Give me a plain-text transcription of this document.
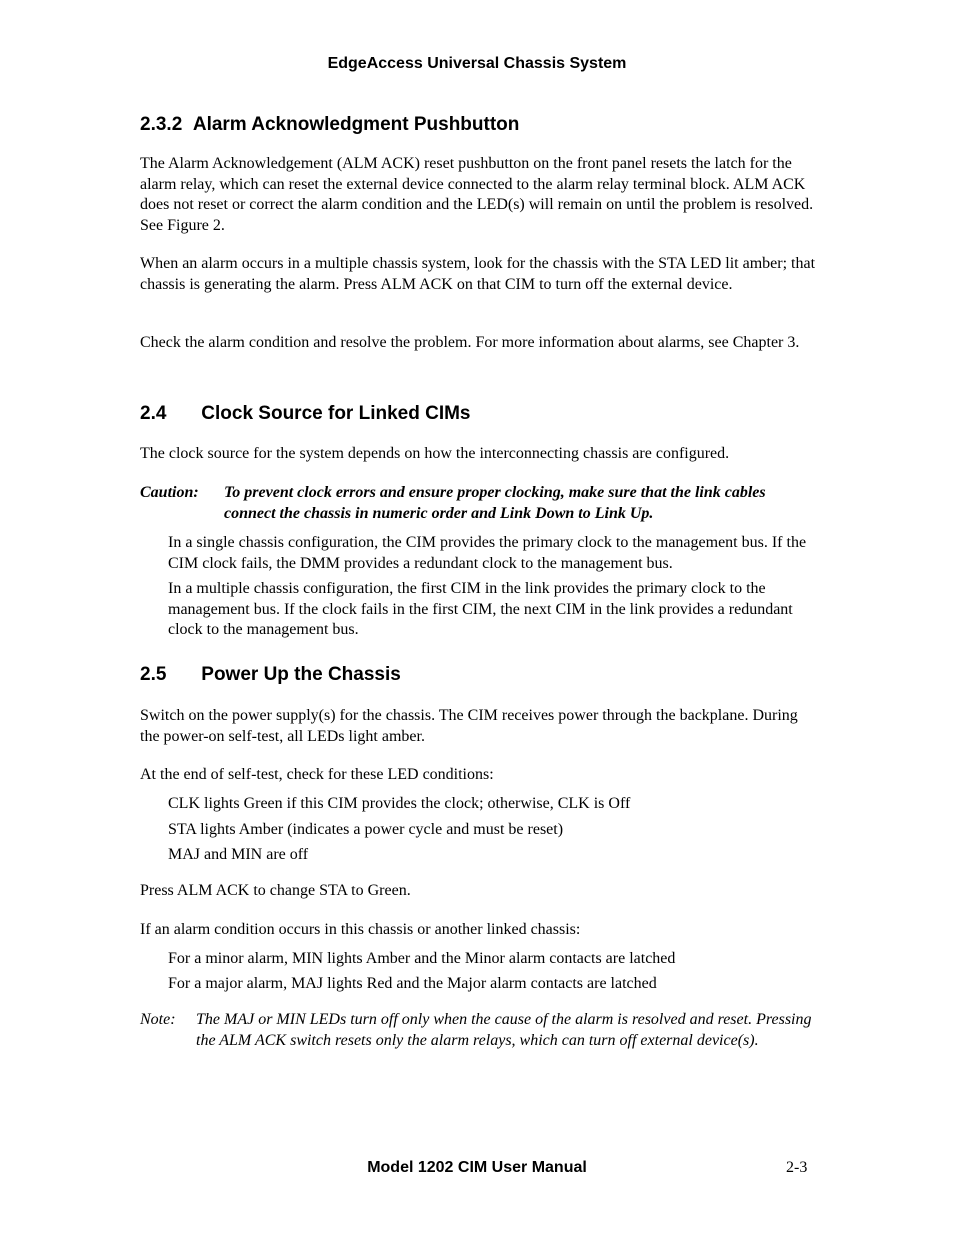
EdgeAccess Universal Chassis System
2.3.2 Alarm Acknowledgment Pushbutton
The Alarm Acknowledgement (ALM ACK) reset pushbutton on the front panel resets the latch for the alarm relay, which can reset the external device connected to the alarm relay terminal block. ALM ACK does not reset or correct the alarm condition and the LED(s) will remain on until the problem is resolved. See Figure 2.
When an alarm occurs in a multiple chassis system, look for the chassis with the STA LED lit amber; that chassis is generating the alarm. Press ALM ACK on that CIM to turn off the external device.
Check the alarm condition and resolve the problem. For more information about alarms, see Chapter 3.
2.4 Clock Source for Linked CIMs
The clock source for the system depends on how the interconnecting chassis are configured.
Caution: To prevent clock errors and ensure proper clocking, make sure that the link cables connect the chassis in numeric order and Link Down to Link Up.
In a single chassis configuration, the CIM provides the primary clock to the management bus. If the CIM clock fails, the DMM provides a redundant clock to the management bus.
In a multiple chassis configuration, the first CIM in the link provides the primary clock to the management bus. If the clock fails in the first CIM, the next CIM in the link provides a redundant clock to the management bus.
2.5 Power Up the Chassis
Switch on the power supply(s) for the chassis. The CIM receives power through the backplane. During the power-on self-test, all LEDs light amber.
At the end of self-test, check for these LED conditions:
CLK lights Green if this CIM provides the clock; otherwise, CLK is Off
STA lights Amber (indicates a power cycle and must be reset)
MAJ and MIN are off
Press ALM ACK to change STA to Green.
If an alarm condition occurs in this chassis or another linked chassis:
For a minor alarm, MIN lights Amber and the Minor alarm contacts are latched
For a major alarm, MAJ lights Red and the Major alarm contacts are latched
Note: The MAJ or MIN LEDs turn off only when the cause of the alarm is resolved and reset. Pressing the ALM ACK switch resets only the alarm relays, which can turn off external device(s).
Model 1202 CIM User Manual	2-3
